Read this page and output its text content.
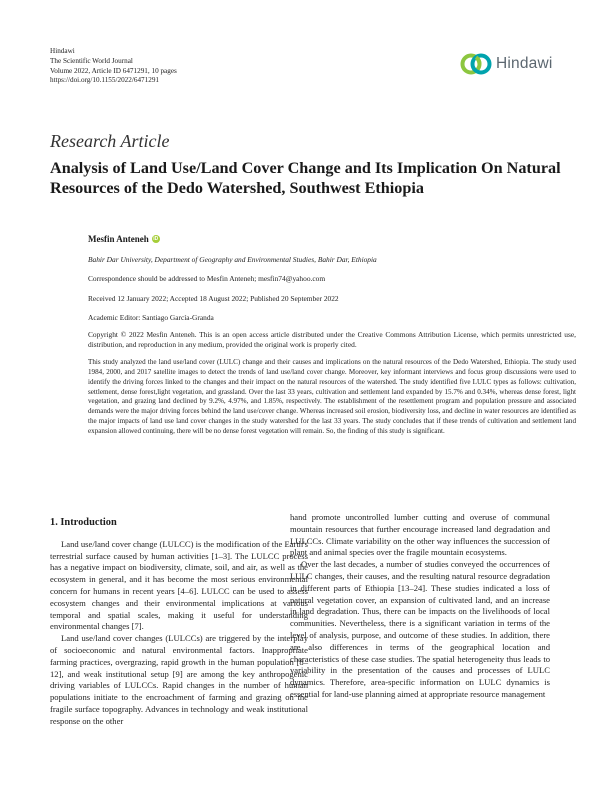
Hindawi
The Scientific World Journal
Volume 2022, Article ID 6471291, 10 pages
https://doi.org/10.1155/2022/6471291
Hindawi
Research Article
Analysis of Land Use/Land Cover Change and Its Implication On Natural Resources of the Dedo Watershed, Southwest Ethiopia
Mesfin Anteneh iD
Bahir Dar University, Department of Geography and Environmental Studies, Bahir Dar, Ethiopia
Correspondence should be addressed to Mesfin Anteneh; mesfin74@yahoo.com
Received 12 January 2022; Accepted 18 August 2022; Published 20 September 2022
Academic Editor: Santiago García-Granda
Copyright © 2022 Mesfin Anteneh. This is an open access article distributed under the Creative Commons Attribution License, which permits unrestricted use, distribution, and reproduction in any medium, provided the original work is properly cited.
This study analyzed the land use/land cover (LULC) change and their causes and implications on the natural resources of the Dedo Watershed, Ethiopia. The study used 1984, 2000, and 2017 satellite images to detect the trends of land use/land cover change. Moreover, key informant interviews and focus group discussions were used to identify the driving forces linked to the changes and their impact on the natural resources of the watershed. The study identified five LULC types as follows: cultivation, settlement, dense forest,light vegetation, and grassland. Over the last 33 years, cultivation and settlement land expanded by 15.7% and 0.34%, whereas dense forest, light vegetation, and grazing land declined by 9.2%, 4.97%, and 1.85%, respectively. The establishment of the resettlement program and population pressure and associated demands were the major driving forces behind the land use/cover change. Whereas increased soil erosion, biodiversity loss, and decline in water resources are identified as the major impacts of land use land cover changes in the study watershed for the last 33 years. The study concludes that if these trends of cultivation and settlement land expansion allowed continuing, there will be no dense forest vegetation will remain. So, the finding of this study is significant.
1. Introduction

Land use/land cover change (LULCC) is the modification of the Earth's terrestrial surface caused by human activities [1–3]. The LULCC process has a negative impact on biodiversity, climate, soil, and air, as well as the ecosystem in general, and it has become the most serious environmental concern for humans in recent years [4–6]. LULCC can be used to assess ecosystem changes and their environmental implications at various temporal and spatial scales, making it useful for understanding environmental changes [7].

Land use/land cover changes (LULCCs) are triggered by the interplay of socioeconomic and natural environmental factors. Inappropriate farming practices, overgrazing, rapid growth in the human population [8–12], and weak institutional setup [9] are among the key anthropogenic driving variables of LULCCs. Rapid changes in the number of human populations initiate to the encroachment of farming and grazing on the fragile surface topography. Advances in technology and weak institutional response on the other

hand promote uncontrolled lumber cutting and overuse of communal mountain resources that further encourage increased land degradation and LULCCs. Climate variability on the other way influences the succession of plant and animal species over the fragile mountain ecosystems.

Over the last decades, a number of studies conveyed the occurrences of LULC changes, their causes, and the resulting natural resource degradation in different parts of Ethiopia [13–24]. These studies indicated a loss of natural vegetation cover, an expansion of cultivated land, and an increase in land degradation. Thus, there can be impacts on the livelihoods of local communities. Nevertheless, there is a significant variation in terms of the level of analysis, purpose, and outcome of these studies. In addition, there are also differences in terms of the geographical location and characteristics of these case studies. The spatial heterogeneity thus leads to variability in the presentation of the causes and processes of LULC dynamics. Therefore, area-specific information on LULC dynamics is essential for land-use planning aimed at appropriate resource management
